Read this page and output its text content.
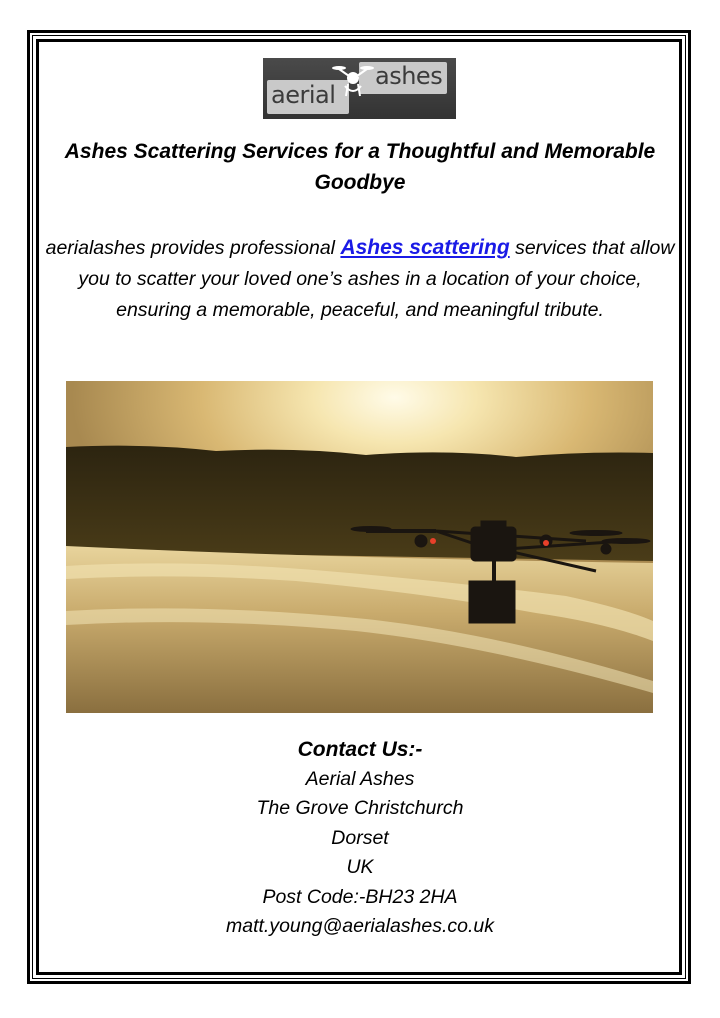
aerial
ashes
Ashes Scattering Services for a Thoughtful and Memorable Goodbye
aerialashes provides professional Ashes scattering services that allow you to scatter your loved one’s ashes in a location of your choice, ensuring a memorable, peaceful, and meaningful tribute.
Contact Us:-
Aerial Ashes
The Grove Christchurch
Dorset
UK
Post Code:-BH23 2HA
matt.young@aerialashes.co.uk
